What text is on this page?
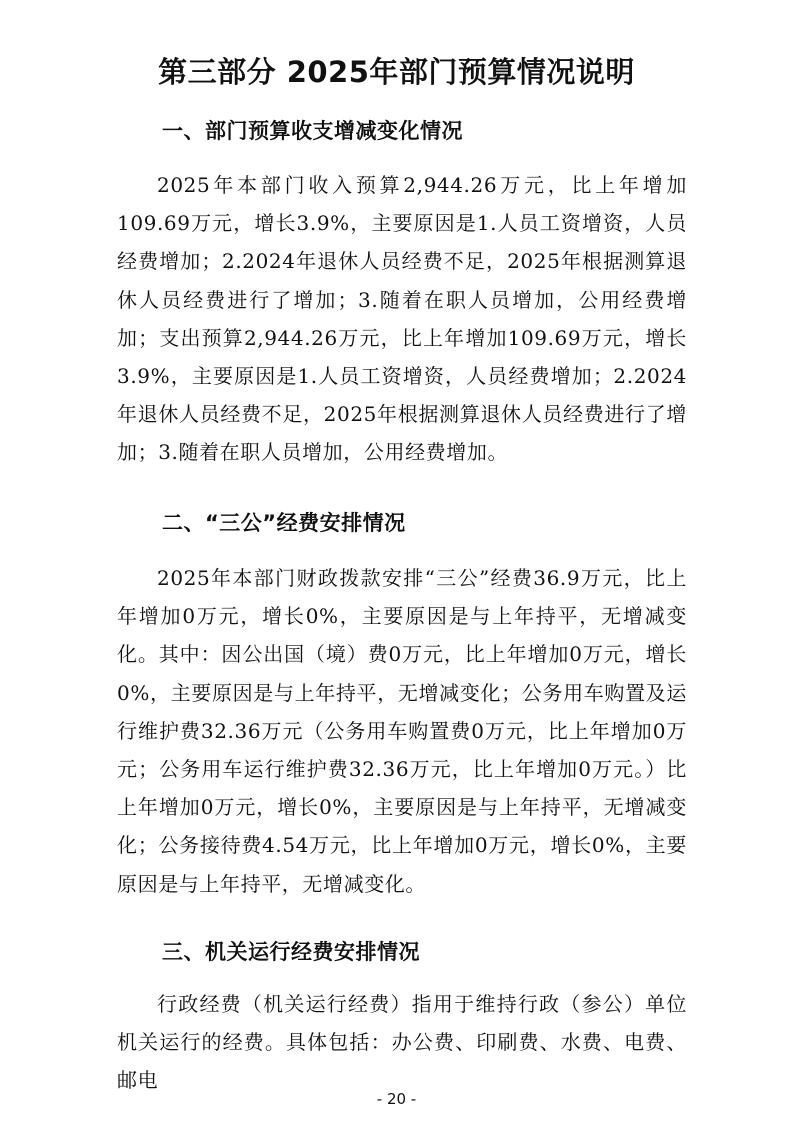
第三部分 2025年部门预算情况说明
一、部门预算收支增减变化情况
2025年本部门收入预算2,944.26万元，比上年增加109.69万元，增长3.9%，主要原因是1.人员工资增资，人员经费增加；2.2024年退休人员经费不足，2025年根据测算退休人员经费进行了增加；3.随着在职人员增加，公用经费增加；支出预算2,944.26万元，比上年增加109.69万元，增长3.9%，主要原因是1.人员工资增资，人员经费增加；2.2024年退休人员经费不足，2025年根据测算退休人员经费进行了增加；3.随着在职人员增加，公用经费增加。
二、“三公”经费安排情况
2025年本部门财政拨款安排“三公”经费36.9万元，比上年增加0万元，增长0%，主要原因是与上年持平，无增减变化。其中：因公出国（境）费0万元，比上年增加0万元，增长0%，主要原因是与上年持平，无增减变化；公务用车购置及运行维护费32.36万元（公务用车购置费0万元，比上年增加0万元；公务用车运行维护费32.36万元，比上年增加0万元。）比上年增加0万元，增长0%，主要原因是与上年持平，无增减变化；公务接待费4.54万元，比上年增加0万元，增长0%，主要原因是与上年持平，无增减变化。
三、机关运行经费安排情况
行政经费（机关运行经费）指用于维持行政（参公）单位机关运行的经费。具体包括：办公费、印刷费、水费、电费、邮电
- 20 -
